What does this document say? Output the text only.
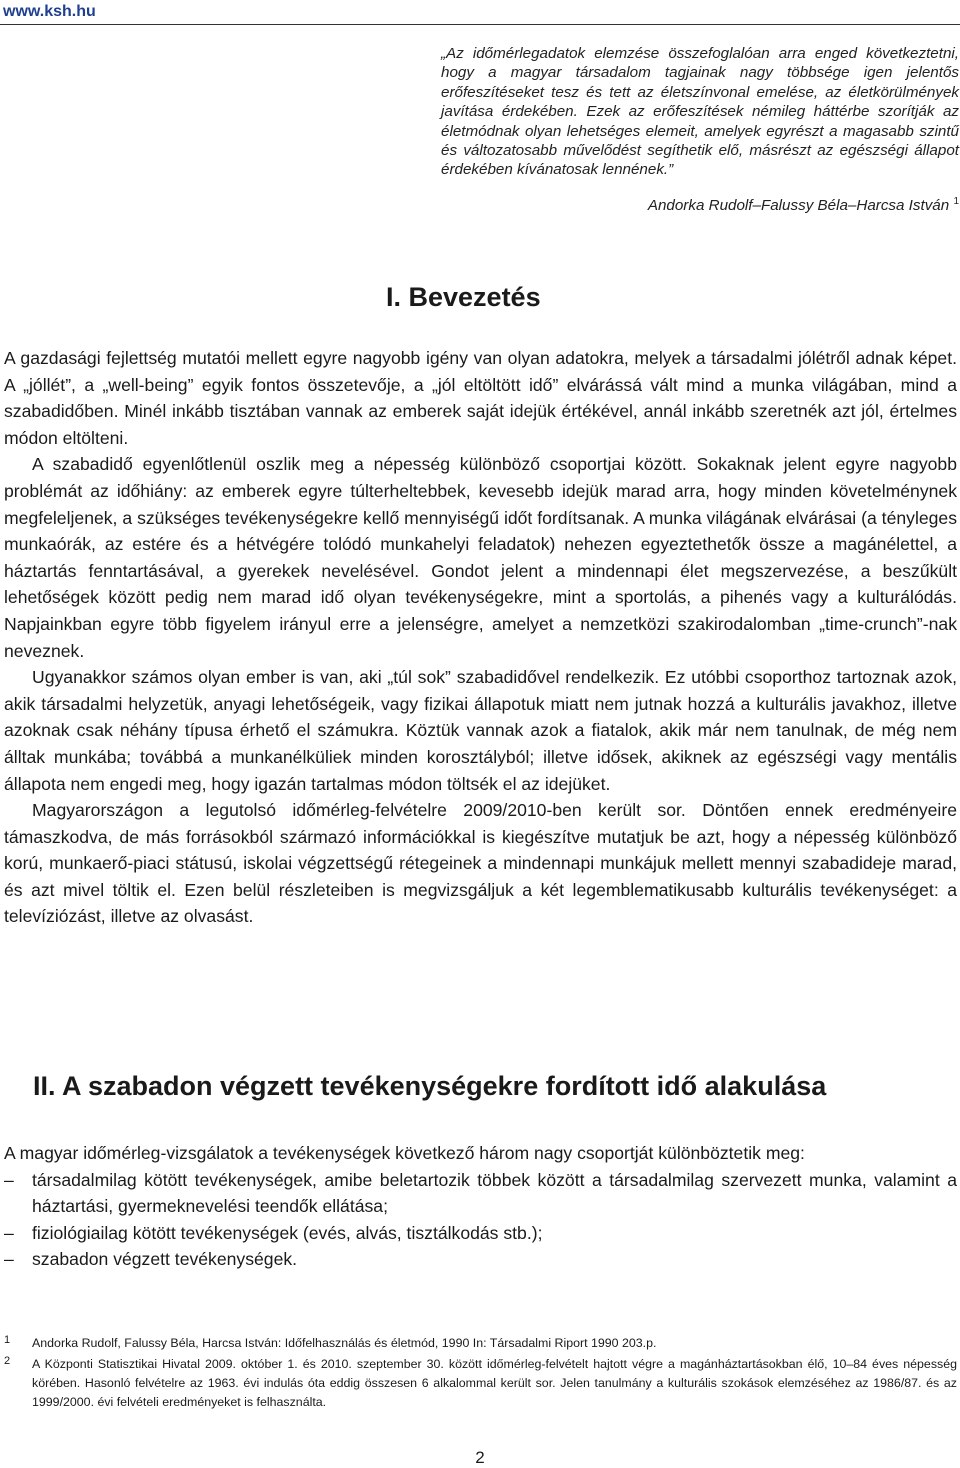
www.ksh.hu
„Az időmérlegadatok elemzése összefoglalóan arra enged következtetni, hogy a magyar társadalom tagjainak nagy többsége igen jelentős erőfeszítéseket tesz és tett az életszínvonal emelése, az életkörülmények javítása érdekében. Ezek az erőfeszítések némileg háttérbe szorítják az életmódnak olyan lehetséges elemeit, amelyek egyrészt a magasabb szintű és változatosabb művelődést segíthetik elő, másrészt az egészségi állapot érdekében kívánatosak lennének.”
Andorka Rudolf–Falussy Béla–Harcsa István $^1$
I. Bevezetés

A gazdasági fejlettség mutatói mellett egyre nagyobb igény van olyan adatokra, melyek a társadalmi jólétről adnak képet. A „jóllét”, a „well-being” egyik fontos összetevője, a „jól eltöltött idő” elvárássá vált mind a munka világában, mind a szabadidőben. Minél inkább tisztában vannak az emberek saját idejük értékével, annál inkább szeretnék azt jól, értelmes módon eltölteni.

A szabadidő egyenlőtlenül oszlik meg a népesség különböző csoportjai között. Sokaknak jelent egyre nagyobb problémát az időhiány: az emberek egyre túlterheltebbek, kevesebb idejük marad arra, hogy minden követelménynek megfeleljenek, a szükséges tevékenységekre kellő mennyiségű időt fordítsanak. A munka világának elvárásai (a tényleges munkaórák, az estére és a hétvégére tolódó munkahelyi feladatok) nehezen egyeztethetők össze a magánélettel, a háztartás fenntartásával, a gyerekek nevelésével. Gondot jelent a mindennapi élet megszervezése, a beszűkült lehetőségek között pedig nem marad idő olyan tevékenységekre, mint a sportolás, a pihenés vagy a kulturálódás. Napjainkban egyre több figyelem irányul erre a jelenségre, amelyet a nemzetközi szakirodalomban „time-crunch”-nak neveznek.

Ugyanakkor számos olyan ember is van, aki „túl sok” szabadidővel rendelkezik. Ez utóbbi csoporthoz tartoznak azok, akik társadalmi helyzetük, anyagi lehetőségeik, vagy fizikai állapotuk miatt nem jutnak hozzá a kulturális javakhoz, illetve azoknak csak néhány típusa érhető el számukra. Köztük vannak azok a fiatalok, akik már nem tanulnak, de még nem álltak munkába; továbbá a munkanélküliek minden korosztályból; illetve idősek, akiknek az egészségi vagy mentális állapota nem engedi meg, hogy igazán tartalmas módon töltsék el az idejüket.

Magyarországon a legutolsó időmérleg-felvételre 2009/2010-ben került sor. Döntően ennek eredményeire támaszkodva, de más forrásokból származó információkkal is kiegészítve mutatjuk be azt, hogy a népesség különböző korú, munkaerő-piaci státusú, iskolai végzettségű rétegeinek a mindennapi munkájuk mellett mennyi szabadideje marad, és azt mivel töltik el. Ezen belül részleteiben is megvizsgáljuk a két legemblematikusabb kulturális tevékenységet: a televíziózást, illetve az olvasást.

II. A szabadon végzett tevékenységekre fordított idő alakulása

A magyar időmérleg-vizsgálatok a tevékenységek következő három nagy csoportját különböztetik meg:

– társadalmilag kötött tevékenységek, amibe beletartozik többek között a társadalmilag szervezett munka, valamint a háztartási, gyermeknevelési teendők ellátása;
– fiziológiailag kötött tevékenységek (evés, alvás, tisztálkodás stb.);
– szabadon végzett tevékenységek.
1 Andorka Rudolf, Falussy Béla, Harcsa István: Időfelhasználás és életmód, 1990 In: Társadalmi Riport 1990 203.p.
2 A Központi Statisztikai Hivatal 2009. október 1. és 2010. szeptember 30. között időmérleg-felvételt hajtott végre a magánháztartásokban élő, 10–84 éves népesség körében. Hasonló felvételre az 1963. évi indulás óta eddig összesen 6 alkalommal került sor. Jelen tanulmány a kulturális szokások elemzéséhez az 1986/87. és az 1999/2000. évi felvételi eredményeket is felhasználta.
2
